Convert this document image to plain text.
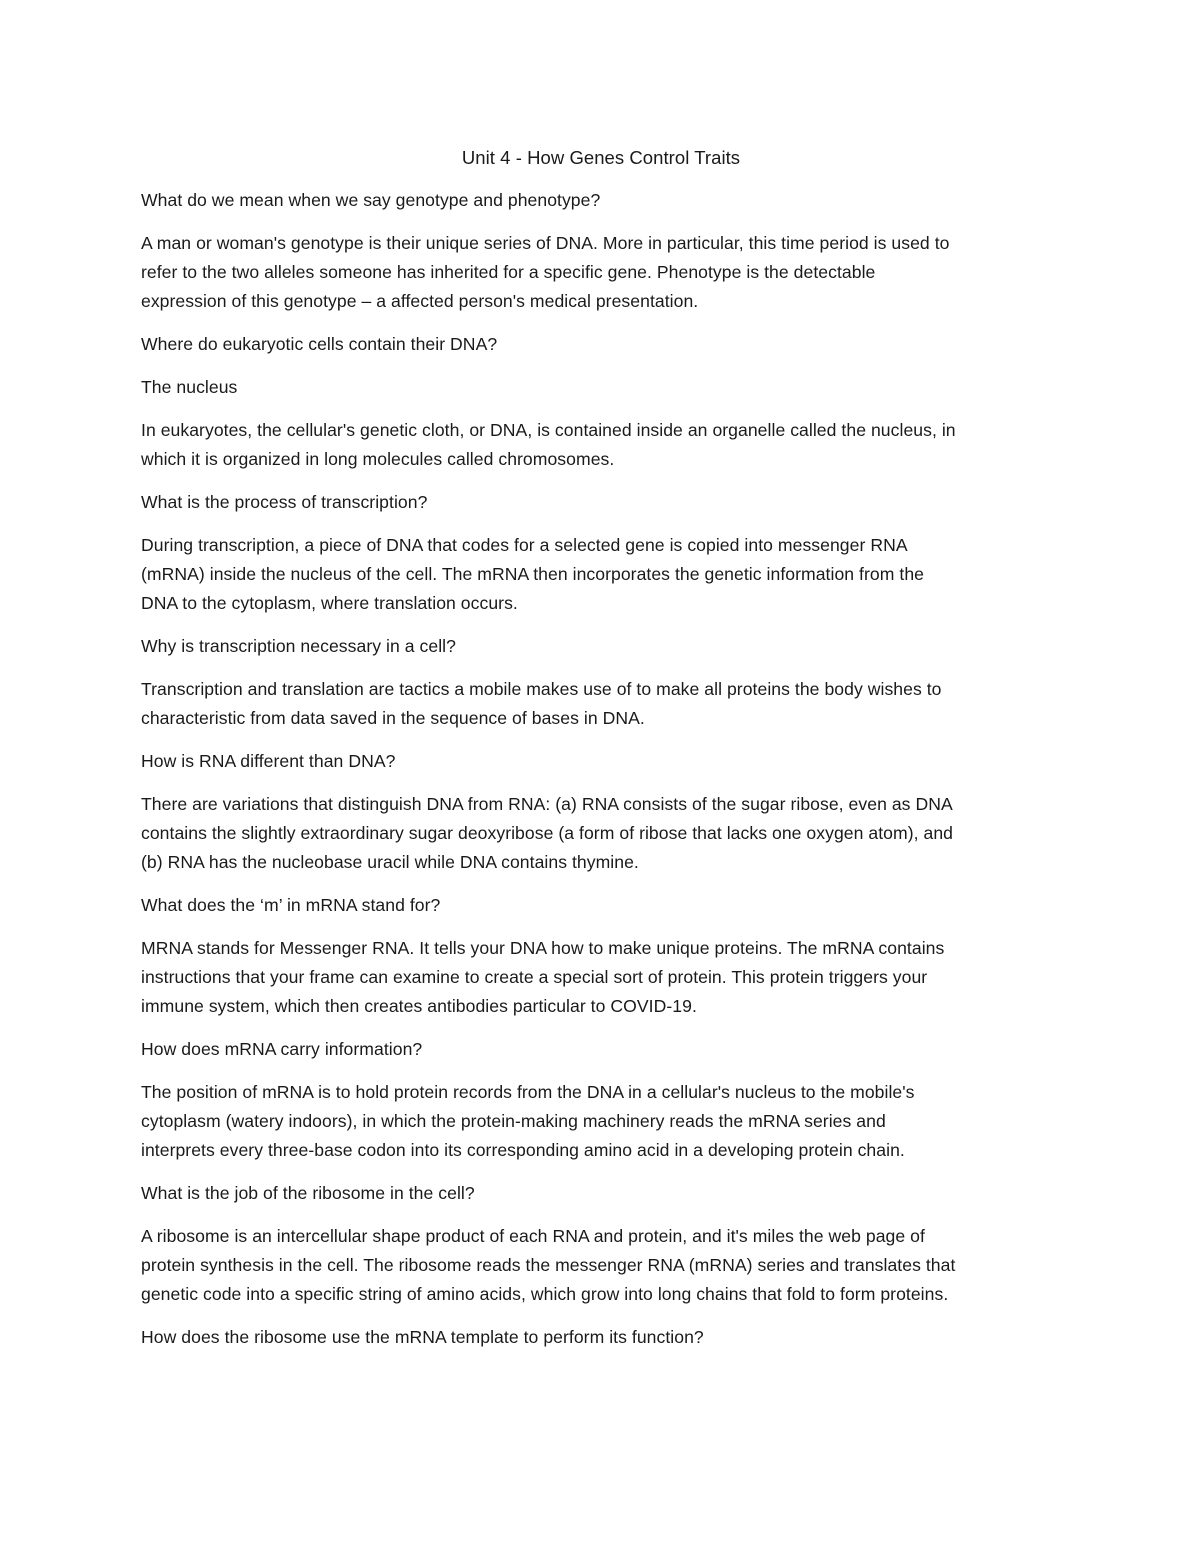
Unit 4 - How Genes Control Traits
What do we mean when we say genotype and phenotype?
A man or woman's genotype is their unique series of DNA. More in particular, this time period is used to
refer to the two alleles someone has inherited for a specific gene. Phenotype is the detectable
expression of this genotype – a affected person's medical presentation.
Where do eukaryotic cells contain their DNA?
The nucleus
In eukaryotes, the cellular's genetic cloth, or DNA, is contained inside an organelle called the nucleus, in
which it is organized in long molecules called chromosomes.
What is the process of transcription?
During transcription, a piece of DNA that codes for a selected gene is copied into messenger RNA
(mRNA) inside the nucleus of the cell. The mRNA then incorporates the genetic information from the
DNA to the cytoplasm, where translation occurs.
Why is transcription necessary in a cell?
Transcription and translation are tactics a mobile makes use of to make all proteins the body wishes to
characteristic from data saved in the sequence of bases in DNA.
How is RNA different than DNA?
There are variations that distinguish DNA from RNA: (a) RNA consists of the sugar ribose, even as DNA
contains the slightly extraordinary sugar deoxyribose (a form of ribose that lacks one oxygen atom), and
(b) RNA has the nucleobase uracil while DNA contains thymine.
What does the ‘m’ in mRNA stand for?
MRNA stands for Messenger RNA. It tells your DNA how to make unique proteins. The mRNA contains
instructions that your frame can examine to create a special sort of protein. This protein triggers your
immune system, which then creates antibodies particular to COVID-19.
How does mRNA carry information?
The position of mRNA is to hold protein records from the DNA in a cellular's nucleus to the mobile's
cytoplasm (watery indoors), in which the protein-making machinery reads the mRNA series and
interprets every three-base codon into its corresponding amino acid in a developing protein chain.
What is the job of the ribosome in the cell?
A ribosome is an intercellular shape product of each RNA and protein, and it's miles the web page of
protein synthesis in the cell. The ribosome reads the messenger RNA (mRNA) series and translates that
genetic code into a specific string of amino acids, which grow into long chains that fold to form proteins.
How does the ribosome use the mRNA template to perform its function?
